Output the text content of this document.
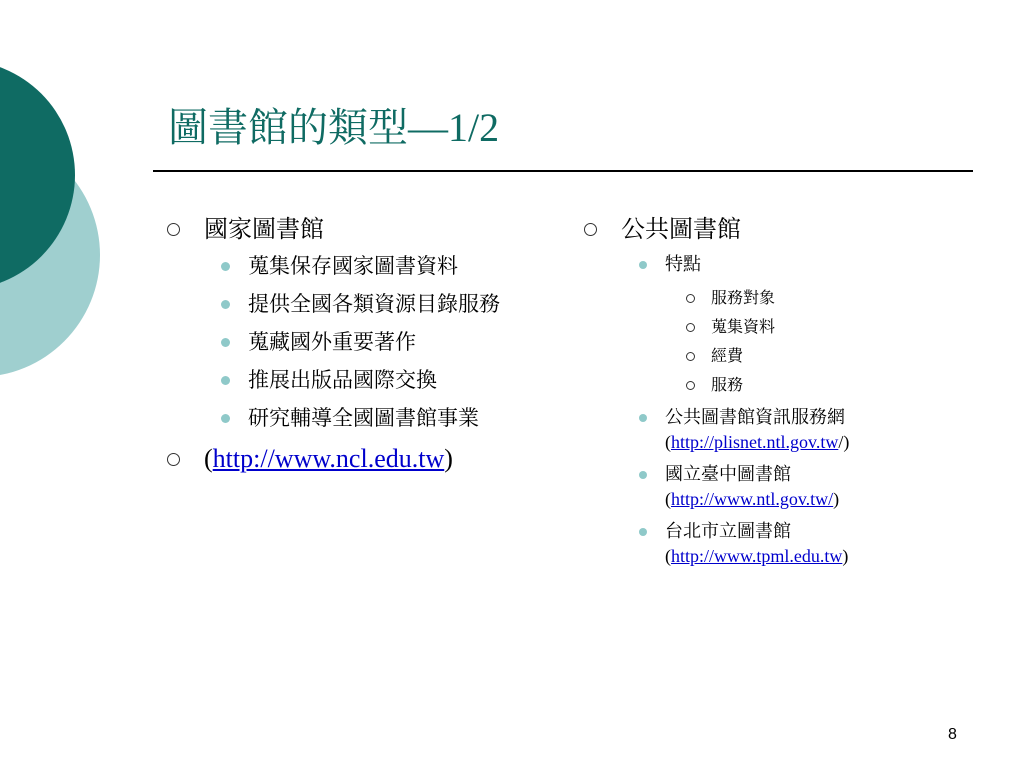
圖書館的類型—1/2
國家圖書館
蒐集保存國家圖書資料
提供全國各類資源目錄服務
蒐藏國外重要著作
推展出版品國際交換
研究輔導全國圖書館事業
(http://www.ncl.edu.tw)
公共圖書館
特點
服務對象
蒐集資料
經費
服務
公共圖書館資訊服務網
(http://plisnet.ntl.gov.tw/)
國立臺中圖書館
(http://www.ntl.gov.tw/)
台北市立圖書館
(http://www.tpml.edu.tw)
8
